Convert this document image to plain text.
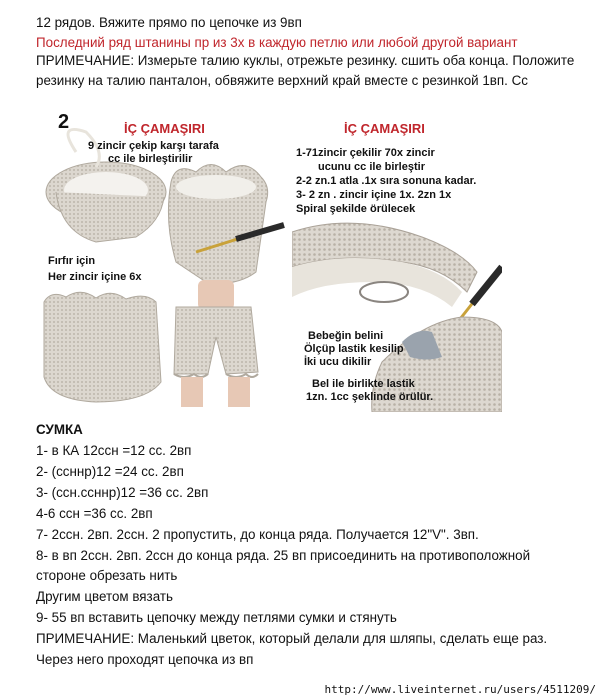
12 рядов. Вяжите прямо по цепочке из 9вп
Последний ряд штанины пр из 3х в каждую петлю или любой другой вариант
ПРИМЕЧАНИЕ: Измерьте талию куклы, отрежьте резинку. сшить оба конца. Положите
резинку на талию панталон, обвяжите верхний край вместе с резинкой 1вп. Сс
2	İÇ ÇAMAŞIRI
9 zincir çekip karşı tarafa
cc ile birleştirilir
Fırfır için
Her zincir içine 6x
İÇ ÇAMAŞIRI
1-71zincir çekilir 70x zincir
ucunu cc ile birleştir
2-2 zn.1 atla .1x sıra sonuna kadar.
3- 2 zn . zincir içine 1x. 2zn 1x
Spiral şekilde örülecek
Bebeğin belini
Ölçüp lastik kesilip
İki ucu dikilir
Bel ile birlikte lastik
1zn. 1cc şeklinde örülür.
СУМКА
1- в КА 12ссн =12 сс. 2вп
2- (ссннр)12 =24 сс. 2вп
3- (ссн.ссннр)12 =36 сс. 2вп
4-6 ссн =36 сс. 2вп
7- 2ссн. 2вп. 2ссн. 2 пропустить, до конца ряда. Получается 12"V". 3вп.
8- в вп 2ссн. 2вп. 2ссн до конца ряда. 25 вп присоединить на противоположной
стороне обрезать нить
Другим цветом вязать
9- 55 вп вставить цепочку между петлями сумки и стянуть
ПРИМЕЧАНИЕ: Маленький цветок, который делали для шляпы, сделать еще раз.
Через него проходят цепочка из вп
http://www.liveinternet.ru/users/4511209/
